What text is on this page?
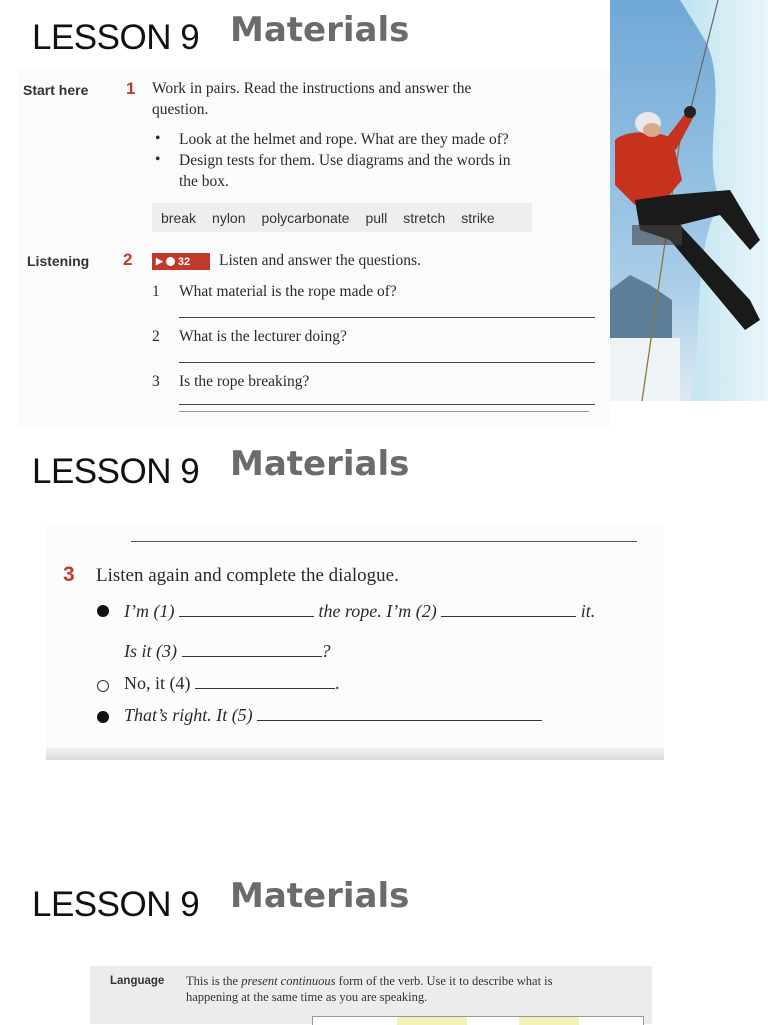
LESSON 9 Materials
Start here 1 Work in pairs. Read the instructions and answer the
question.
• Look at the helmet and rope. What are they made of?
• Design tests for them. Use diagrams and the words in
the box.
break nylon polycarbonate pull stretch strike
Listening 2	▶ 32 Listen and answer the questions.
1 What material is the rope made of?
2 What is the lecturer doing?
3 Is the rope breaking?
LESSON 9 Materials
3 Listen again and complete the dialogue.
I’m (1)	the rope. I’m (2)	it.
Is it (3)	?
No, it (4)	.
That’s right. It (5)
LESSON 9 Materials
Language This is the present continuous form of the verb. Use it to describe what is
happening at the same time as you are speaking.
